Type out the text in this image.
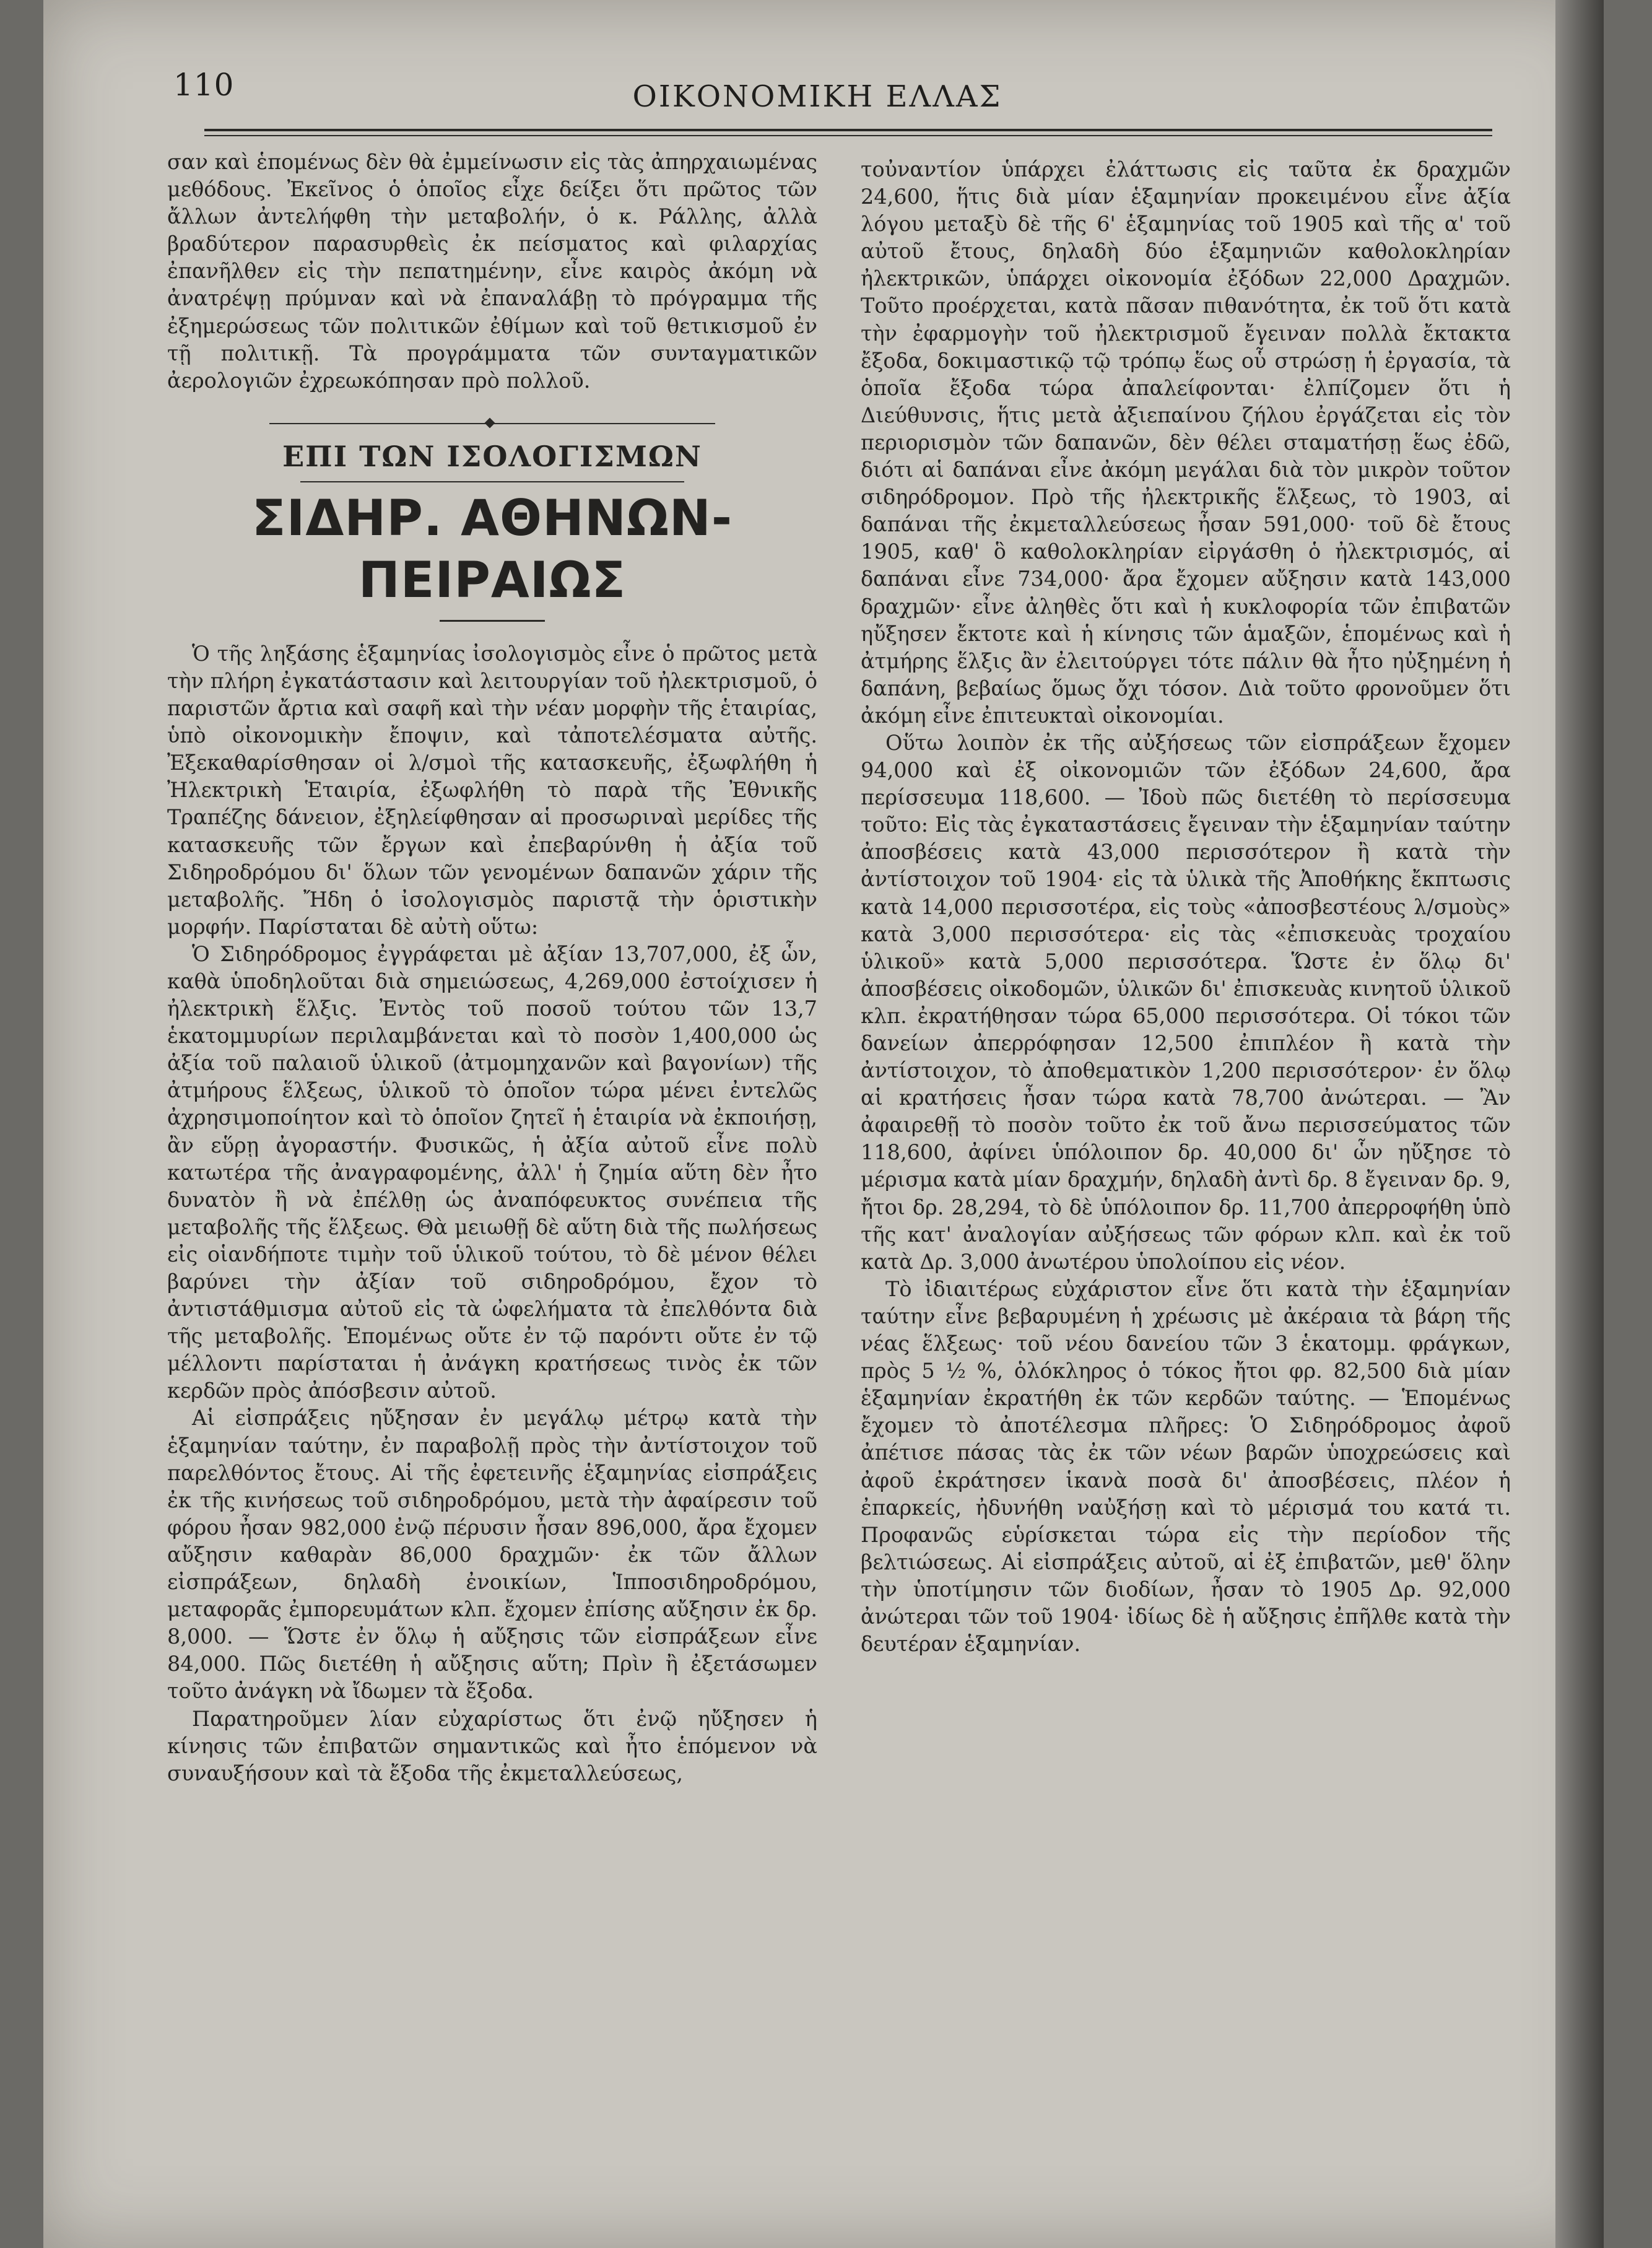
110	ΟΙΚΟΝΟΜΙΚΗ ΕΛΛΑΣ

σαν καὶ ἑπομένως δὲν θὰ ἐμμείνωσιν εἰς τὰς ἀπηρχαιωμένας μεθόδους. Ἐκεῖνος ὁ ὁποῖος εἶχε δείξει ὅτι πρῶτος τῶν ἄλλων ἀντελήφθη τὴν μεταβολήν, ὁ κ. Ράλλης, ἀλλὰ βραδύτερον παρασυρθεὶς ἐκ πείσματος καὶ φιλαρχίας ἐπανῆλθεν εἰς τὴν πεπατημένην, εἶνε καιρὸς ἀκόμη νὰ ἀνατρέψῃ πρύμναν καὶ νὰ ἐπαναλάβῃ τὸ πρόγραμμα τῆς ἐξημερώσεως τῶν πολιτικῶν ἐθίμων καὶ τοῦ θετικισμοῦ ἐν τῇ πολιτικῇ. Τὰ προγράμματα τῶν συνταγματικῶν ἀερολογιῶν ἐχρεωκόπησαν πρὸ πολλοῦ.

ΕΠΙ ΤΩΝ ΙΣΟΛΟΓΙΣΜΩΝ

ΣΙΔΗΡ. ΑΘΗΝΩΝ-ΠΕΙΡΑΙΩΣ

Ὁ τῆς ληξάσης ἑξαμηνίας ἰσολογισμὸς εἶνε ὁ πρῶτος μετὰ τὴν πλήρη ἐγκατάστασιν καὶ λειτουργίαν τοῦ ἠλεκτρισμοῦ, ὁ παριστῶν ἄρτια καὶ σαφῆ καὶ τὴν νέαν μορφὴν τῆς ἑταιρίας, ὑπὸ οἰκονομικὴν ἔποψιν, καὶ τἀποτελέσματα αὐτῆς. Ἐξεκαθαρίσθησαν οἱ λ/σμοὶ τῆς κατασκευῆς, ἐξωφλήθη ἡ Ἠλεκτρικὴ Ἑταιρία, ἐξωφλήθη τὸ παρὰ τῆς Ἐθνικῆς Τραπέζης δάνειον, ἐξηλείφθησαν αἱ προσωριναὶ μερίδες τῆς κατασκευῆς τῶν ἔργων καὶ ἐπεβαρύνθη ἡ ἀξία τοῦ Σιδηροδρόμου δι' ὅλων τῶν γενομένων δαπανῶν χάριν τῆς μεταβολῆς. Ἤδη ὁ ἰσολογισμὸς παριστᾷ τὴν ὁριστικὴν μορφήν. Παρίσταται δὲ αὐτὴ οὕτω:

Ὁ Σιδηρόδρομος ἐγγράφεται μὲ ἀξίαν 13,707,000, ἐξ ὧν, καθὰ ὑποδηλοῦται διὰ σημειώσεως, 4,269,000 ἐστοίχισεν ἡ ἠλεκτρικὴ ἕλξις. Ἐντὸς τοῦ ποσοῦ τούτου τῶν 13,7 ἑκατομμυρίων περιλαμβάνεται καὶ τὸ ποσὸν 1,400,000 ὡς ἀξία τοῦ παλαιοῦ ὑλικοῦ (ἀτμομηχανῶν καὶ βαγονίων) τῆς ἀτμήρους ἕλξεως, ὑλικοῦ τὸ ὁποῖον τώρα μένει ἐντελῶς ἀχρησιμοποίητον καὶ τὸ ὁποῖον ζητεῖ ἡ ἑταιρία νὰ ἐκποιήσῃ, ἂν εὕρῃ ἀγοραστήν. Φυσικῶς, ἡ ἀξία αὐτοῦ εἶνε πολὺ κατωτέρα τῆς ἀναγραφομένης, ἀλλ' ἡ ζημία αὕτη δὲν ἦτο δυνατὸν ἢ νὰ ἐπέλθῃ ὡς ἀναπόφευκτος συνέπεια τῆς μεταβολῆς τῆς ἕλξεως. Θὰ μειωθῇ δὲ αὕτη διὰ τῆς πωλήσεως εἰς οἱανδήποτε τιμὴν τοῦ ὑλικοῦ τούτου, τὸ δὲ μένον θέλει βαρύνει τὴν ἀξίαν τοῦ σιδηροδρόμου, ἔχον τὸ ἀντιστάθμισμα αὐτοῦ εἰς τὰ ὠφελήματα τὰ ἐπελθόντα διὰ τῆς μεταβολῆς. Ἑπομένως οὔτε ἐν τῷ παρόντι οὔτε ἐν τῷ μέλλοντι παρίσταται ἡ ἀνάγκη κρατήσεως τινὸς ἐκ τῶν κερδῶν πρὸς ἀπόσβεσιν αὐτοῦ.

Αἱ εἰσπράξεις ηὔξησαν ἐν μεγάλῳ μέτρῳ κατὰ τὴν ἑξαμηνίαν ταύτην, ἐν παραβολῇ πρὸς τὴν ἀντίστοιχον τοῦ παρελθόντος ἔτους. Αἱ τῆς ἐφετεινῆς ἑξαμηνίας εἰσπράξεις ἐκ τῆς κινήσεως τοῦ σιδηροδρόμου, μετὰ τὴν ἀφαίρεσιν τοῦ φόρου ἦσαν 982,000 ἐνῷ πέρυσιν ἦσαν 896,000, ἄρα ἔχομεν αὔξησιν καθαρὰν 86,000 δραχμῶν· ἐκ τῶν ἄλλων εἰσπράξεων, δηλαδὴ ἐνοικίων, Ἱπποσιδηροδρόμου, μεταφορᾶς ἐμπορευμάτων κλπ. ἔχομεν ἐπίσης αὔξησιν ἐκ δρ. 8,000. — Ὥστε ἐν ὅλῳ ἡ αὔξησις τῶν εἰσπράξεων εἶνε 84,000. Πῶς διετέθη ἡ αὔξησις αὕτη; Πρὶν ἢ ἐξετάσωμεν τοῦτο ἀνάγκη νὰ ἴδωμεν τὰ ἔξοδα.

Παρατηροῦμεν λίαν εὐχαρίστως ὅτι ἐνῷ ηὔξησεν ἡ κίνησις τῶν ἐπιβατῶν σημαντικῶς καὶ ἦτο ἑπόμενον νὰ συναυξήσουν καὶ τὰ ἔξοδα τῆς ἐκμεταλλεύσεως,

τοὐναντίον ὑπάρχει ἐλάττωσις εἰς ταῦτα ἐκ δραχμῶν 24,600, ἥτις διὰ μίαν ἑξαμηνίαν προκειμένου εἶνε ἀξία λόγου μεταξὺ δὲ τῆς 6' ἑξαμηνίας τοῦ 1905 καὶ τῆς α' τοῦ αὐτοῦ ἔτους, δηλαδὴ δύο ἑξαμηνιῶν καθολοκληρίαν ἠλεκτρικῶν, ὑπάρχει οἰκονομία ἐξόδων 22,000 Δραχμῶν. Τοῦτο προέρχεται, κατὰ πᾶσαν πιθανότητα, ἐκ τοῦ ὅτι κατὰ τὴν ἐφαρμογὴν τοῦ ἠλεκτρισμοῦ ἔγειναν πολλὰ ἔκτακτα ἔξοδα, δοκιμαστικῷ τῷ τρόπῳ ἕως οὗ στρώσῃ ἡ ἐργασία, τὰ ὁποῖα ἔξοδα τώρα ἀπαλείφονται· ἐλπίζομεν ὅτι ἡ Διεύθυνσις, ἥτις μετὰ ἀξιεπαίνου ζήλου ἐργάζεται εἰς τὸν περιορισμὸν τῶν δαπανῶν, δὲν θέλει σταματήσῃ ἕως ἐδῶ, διότι αἱ δαπάναι εἶνε ἀκόμη μεγάλαι διὰ τὸν μικρὸν τοῦτον σιδηρόδρομον. Πρὸ τῆς ἠλεκτρικῆς ἕλξεως, τὸ 1903, αἱ δαπάναι τῆς ἐκμεταλλεύσεως ἦσαν 591,000· τοῦ δὲ ἔτους 1905, καθ' ὃ καθολοκληρίαν εἰργάσθη ὁ ἠλεκτρισμός, αἱ δαπάναι εἶνε 734,000· ἄρα ἔχομεν αὔξησιν κατὰ 143,000 δραχμῶν· εἶνε ἀληθὲς ὅτι καὶ ἡ κυκλοφορία τῶν ἐπιβατῶν ηὔξησεν ἔκτοτε καὶ ἡ κίνησις τῶν ἁμαξῶν, ἑπομένως καὶ ἡ ἀτμήρης ἕλξις ἂν ἐλειτούργει τότε πάλιν θὰ ἦτο ηὐξημένη ἡ δαπάνη, βεβαίως ὅμως ὄχι τόσον. Διὰ τοῦτο φρονοῦμεν ὅτι ἀκόμη εἶνε ἐπιτευκταὶ οἰκονομίαι.

Οὕτω λοιπὸν ἐκ τῆς αὐξήσεως τῶν εἰσπράξεων ἔχομεν 94,000 καὶ ἐξ οἰκονομιῶν τῶν ἐξόδων 24,600, ἄρα περίσσευμα 118,600. — Ἰδοὺ πῶς διετέθη τὸ περίσσευμα τοῦτο: Εἰς τὰς ἐγκαταστάσεις ἔγειναν τὴν ἑξαμηνίαν ταύτην ἀποσβέσεις κατὰ 43,000 περισσότερον ἢ κατὰ τὴν ἀντίστοιχον τοῦ 1904· εἰς τὰ ὑλικὰ τῆς Ἀποθήκης ἔκπτωσις κατὰ 14,000 περισσοτέρα, εἰς τοὺς «ἀποσβεστέους λ/σμοὺς» κατὰ 3,000 περισσότερα· εἰς τὰς «ἐπισκευὰς τροχαίου ὑλικοῦ» κατὰ 5,000 περισσότερα. Ὥστε ἐν ὅλῳ δι' ἀποσβέσεις οἰκοδομῶν, ὑλικῶν δι' ἐπισκευὰς κινητοῦ ὑλικοῦ κλπ. ἐκρατήθησαν τώρα 65,000 περισσότερα. Οἱ τόκοι τῶν δανείων ἀπερρόφησαν 12,500 ἐπιπλέον ἢ κατὰ τὴν ἀντίστοιχον, τὸ ἀποθεματικὸν 1,200 περισσότερον· ἐν ὅλῳ αἱ κρατήσεις ἦσαν τώρα κατὰ 78,700 ἀνώτεραι. — Ἂν ἀφαιρεθῇ τὸ ποσὸν τοῦτο ἐκ τοῦ ἄνω περισσεύματος τῶν 118,600, ἀφίνει ὑπόλοιπον δρ. 40,000 δι' ὧν ηὔξησε τὸ μέρισμα κατὰ μίαν δραχμήν, δηλαδὴ ἀντὶ δρ. 8 ἔγειναν δρ. 9, ἤτοι δρ. 28,294, τὸ δὲ ὑπόλοιπον δρ. 11,700 ἀπερροφήθη ὑπὸ τῆς κατ' ἀναλογίαν αὐξήσεως τῶν φόρων κλπ. καὶ ἐκ τοῦ κατὰ Δρ. 3,000 ἀνωτέρου ὑπολοίπου εἰς νέον.

Τὸ ἰδιαιτέρως εὐχάριστον εἶνε ὅτι κατὰ τὴν ἑξαμηνίαν ταύτην εἶνε βεβαρυμένη ἡ χρέωσις μὲ ἀκέραια τὰ βάρη τῆς νέας ἕλξεως· τοῦ νέου δανείου τῶν 3 ἑκατομμ. φράγκων, πρὸς 5 ½ %, ὁλόκληρος ὁ τόκος ἤτοι φρ. 82,500 διὰ μίαν ἑξαμηνίαν ἐκρατήθη ἐκ τῶν κερδῶν ταύτης. — Ἑπομένως ἔχομεν τὸ ἀποτέλεσμα πλῆρες: Ὁ Σιδηρόδρομος ἀφοῦ ἀπέτισε πάσας τὰς ἐκ τῶν νέων βαρῶν ὑποχρεώσεις καὶ ἀφοῦ ἐκράτησεν ἱκανὰ ποσὰ δι' ἀποσβέσεις, πλέον ἡ ἐπαρκείς, ἠδυνήθη ναὐξήσῃ καὶ τὸ μέρισμά του κατά τι. Προφανῶς εὑρίσκεται τώρα εἰς τὴν περίοδον τῆς βελτιώσεως. Αἱ εἰσπράξεις αὐτοῦ, αἱ ἐξ ἐπιβατῶν, μεθ' ὅλην τὴν ὑποτίμησιν τῶν διοδίων, ἦσαν τὸ 1905 Δρ. 92,000 ἀνώτεραι τῶν τοῦ 1904· ἰδίως δὲ ἡ αὔξησις ἐπῆλθε κατὰ τὴν δευτέραν ἑξαμηνίαν.
